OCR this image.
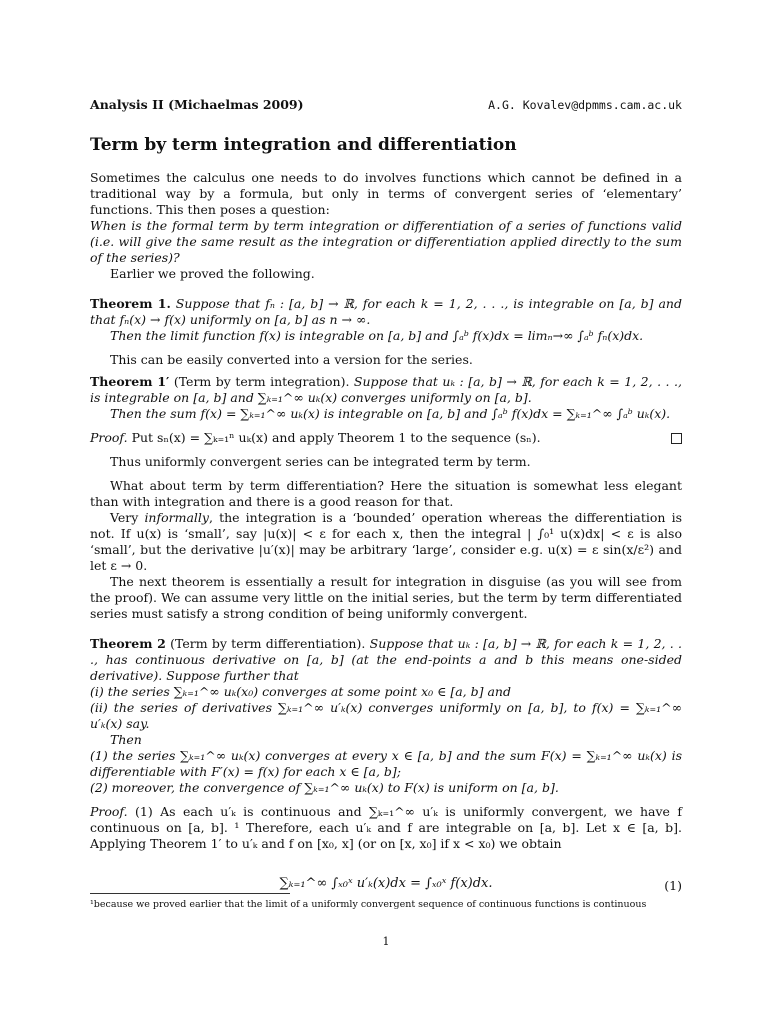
Analysis II (Michaelmas 2009)	A.G. Kovalev@dpmms.cam.ac.uk
Term by term integration and differentiation

Sometimes the calculus one needs to do involves functions which cannot be defined in a traditional way by a formula, but only in terms of convergent series of ‘elementary’ functions. This then poses a question:

When is the formal term by term integration or differentiation of a series of functions valid (i.e. will give the same result as the integration or differentiation applied directly to the sum of the series)?

Earlier we proved the following.

Theorem 1. Suppose that fₙ : [a, b] → ℝ, for each k = 1, 2, . . ., is integrable on [a, b] and that fₙ(x) → f(x) uniformly on [a, b] as n → ∞.

Then the limit function f(x) is integrable on [a, b] and ∫ₐᵇ f(x)dx = limₙ→∞ ∫ₐᵇ fₙ(x)dx.

This can be easily converted into a version for the series.

Theorem 1′ (Term by term integration). Suppose that uₖ : [a, b] → ℝ, for each k = 1, 2, . . ., is integrable on [a, b] and ∑ₖ₌₁^∞ uₖ(x) converges uniformly on [a, b].

Then the sum f(x) = ∑ₖ₌₁^∞ uₖ(x) is integrable on [a, b] and ∫ₐᵇ f(x)dx = ∑ₖ₌₁^∞ ∫ₐᵇ uₖ(x).

Proof. Put sₙ(x) = ∑ₖ₌₁ⁿ uₖ(x) and apply Theorem 1 to the sequence (sₙ).

Thus uniformly convergent series can be integrated term by term.

What about term by term differentiation? Here the situation is somewhat less elegant than with integration and there is a good reason for that.

Very informally, the integration is a ‘bounded’ operation whereas the differentiation is not. If u(x) is ‘small’, say |u(x)| < ε for each x, then the integral | ∫₀¹ u(x)dx| < ε is also ‘small’, but the derivative |u′(x)| may be arbitrary ‘large’, consider e.g. u(x) = ε sin(x/ε²) and let ε → 0.

The next theorem is essentially a result for integration in disguise (as you will see from the proof). We can assume very little on the initial series, but the term by term differentiated series must satisfy a strong condition of being uniformly convergent.

Theorem 2 (Term by term differentiation). Suppose that uₖ : [a, b] → ℝ, for each k = 1, 2, . . ., has continuous derivative on [a, b] (at the end-points a and b this means one-sided derivative). Suppose further that

(i) the series ∑ₖ₌₁^∞ uₖ(x₀) converges at some point x₀ ∈ [a, b] and

(ii) the series of derivatives ∑ₖ₌₁^∞ u′ₖ(x) converges uniformly on [a, b], to f(x) = ∑ₖ₌₁^∞ u′ₖ(x) say.

Then

(1) the series ∑ₖ₌₁^∞ uₖ(x) converges at every x ∈ [a, b] and the sum F(x) = ∑ₖ₌₁^∞ uₖ(x) is differentiable with F′(x) = f(x) for each x ∈ [a, b];

(2) moreover, the convergence of ∑ₖ₌₁^∞ uₖ(x) to F(x) is uniform on [a, b].

Proof. (1) As each u′ₖ is continuous and ∑ₖ₌₁^∞ u′ₖ is uniformly convergent, we have f continuous on [a, b]. ¹ Therefore, each u′ₖ and f are integrable on [a, b]. Let x ∈ [a, b]. Applying Theorem 1′ to u′ₖ and f on [x₀, x] (or on [x, x₀] if x < x₀) we obtain

∑ₖ₌₁^∞ ∫ₓ₀ˣ u′ₖ(x)dx = ∫ₓ₀ˣ f(x)dx.	(1)
¹because we proved earlier that the limit of a uniformly convergent sequence of continuous functions is continuous
1
